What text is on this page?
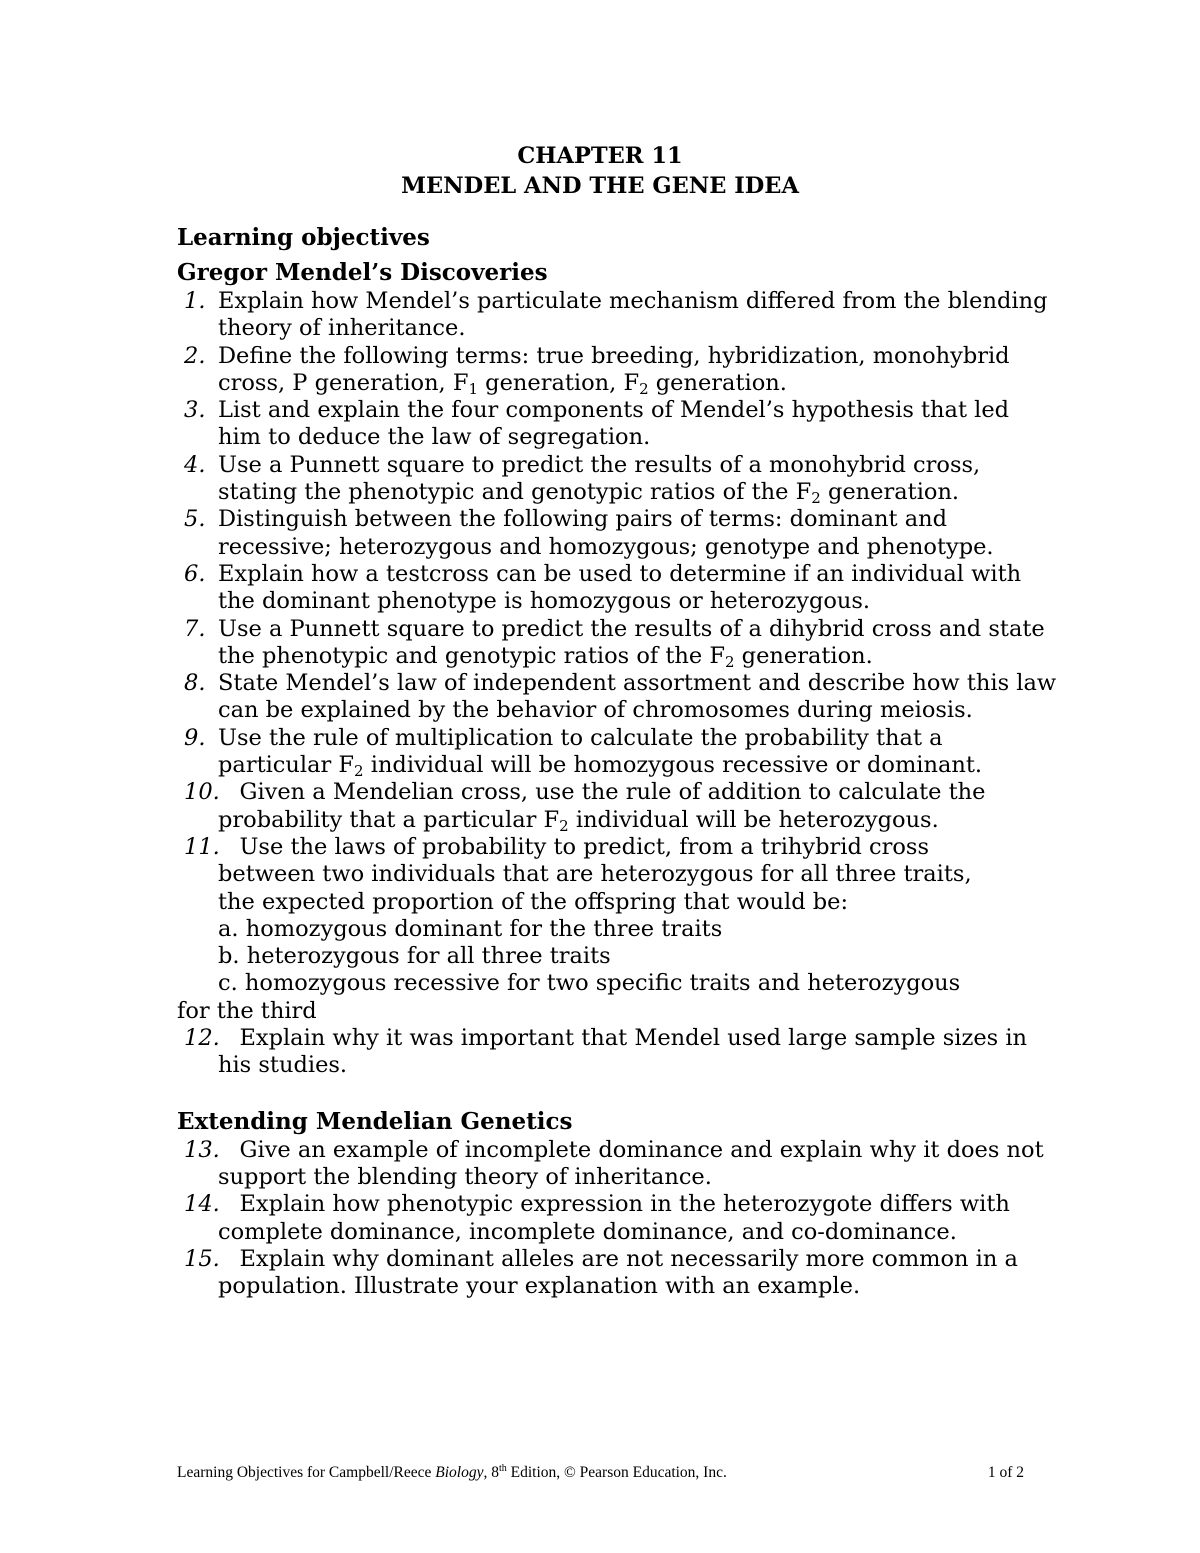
CHAPTER 11
MENDEL AND THE GENE IDEA
Learning objectives
Gregor Mendel’s Discoveries
1. Explain how Mendel’s particulate mechanism differed from the blending theory of inheritance.
2. Define the following terms: true breeding, hybridization, monohybrid cross, P generation, $F_1$ generation, $F_2$ generation.
3. List and explain the four components of Mendel’s hypothesis that led him to deduce the law of segregation.
4. Use a Punnett square to predict the results of a monohybrid cross, stating the phenotypic and genotypic ratios of the $F_2$ generation.
5. Distinguish between the following pairs of terms: dominant and recessive; heterozygous and homozygous; genotype and phenotype.
6. Explain how a testcross can be used to determine if an individual with the dominant phenotype is homozygous or heterozygous.
7. Use a Punnett square to predict the results of a dihybrid cross and state the phenotypic and genotypic ratios of the $F_2$ generation.
8. State Mendel’s law of independent assortment and describe how this law can be explained by the behavior of chromosomes during meiosis.
9. Use the rule of multiplication to calculate the probability that a particular $F_2$ individual will be homozygous recessive or dominant.
10. Given a Mendelian cross, use the rule of addition to calculate the probability that a particular $F_2$ individual will be heterozygous.
11. Use the laws of probability to predict, from a trihybrid cross
between two individuals that are heterozygous for all three traits,
the expected proportion of the offspring that would be:
a. homozygous dominant for the three traits
b. heterozygous for all three traits
c. homozygous recessive for two specific traits and heterozygous
for the third
12. Explain why it was important that Mendel used large sample sizes in his studies.
Extending Mendelian Genetics
13. Give an example of incomplete dominance and explain why it does not support the blending theory of inheritance.
14. Explain how phenotypic expression in the heterozygote differs with complete dominance, incomplete dominance, and co-dominance.
15. Explain why dominant alleles are not necessarily more common in a population. Illustrate your explanation with an example.
Learning Objectives for Campbell/Reece Biology, 8th Edition, © Pearson Education, Inc.	1 of 2
